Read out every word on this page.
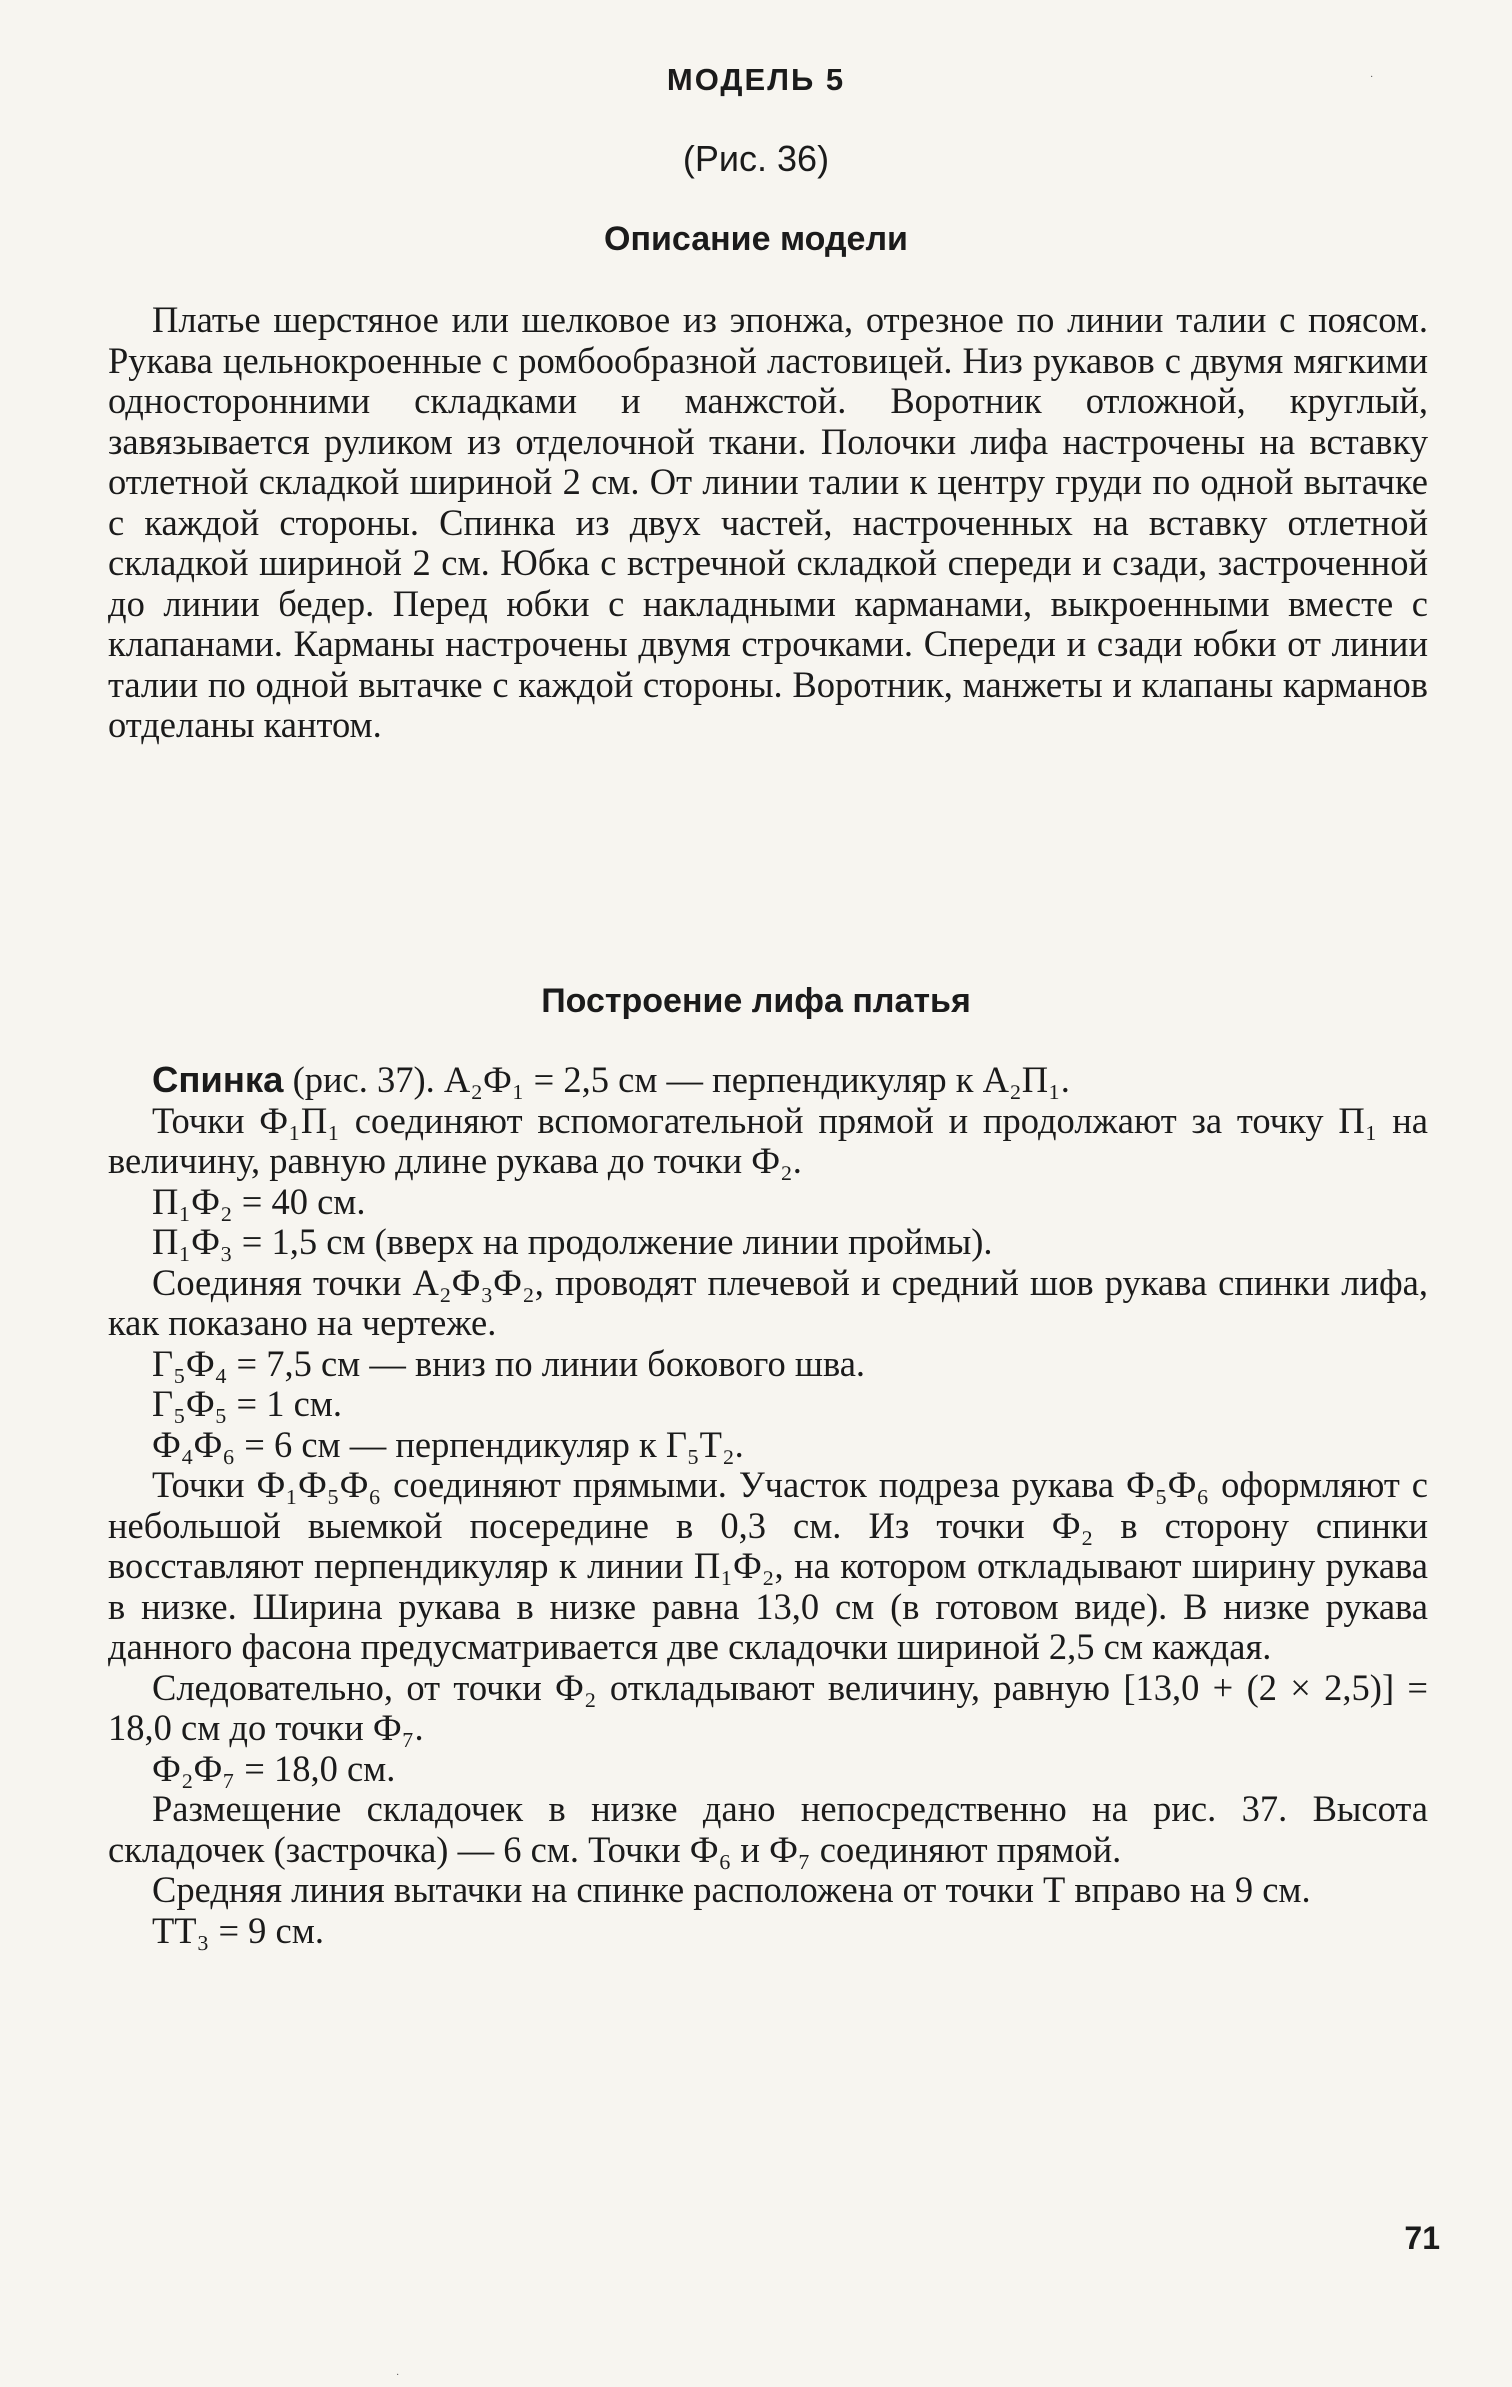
МОДЕЛЬ 5
(Рис. 36)
Описание модели

Платье шерстяное или шелковое из эпонжа, отрезное по линии талии с поясом. Рукава цельнокроенные с ромбообразной ластовицей. Низ рукавов с двумя мягкими односторонними складками и манжстой. Воротник отложной, круглый, завязывается руликом из отделочной ткани. Полочки лифа настрочены на вставку отлетной складкой шириной 2 см. От линии талии к центру груди по одной вытачке с каждой стороны. Спинка из двух частей, настроченных на вставку отлетной складкой шириной 2 см. Юбка с встречной складкой спереди и сзади, застроченной до линии бедер. Перед юбки с накладными карманами, выкроенными вместе с клапанами. Карманы настрочены двумя строчками. Спереди и сзади юбки от линии талии по одной вытачке с каждой стороны. Воротник, манжеты и клапаны карманов отделаны кантом.

Построение лифа платья

Спинка (рис. 37). А₂Ф₁ = 2,5 см — перпендикуляр к А₂П₁.

Точки Ф₁П₁ соединяют вспомогательной прямой и продолжают за точку П₁ на величину, равную длине рукава до точки Ф₂.

П₁Ф₂ = 40 см.

П₁Ф₃ = 1,5 см (вверх на продолжение линии проймы).

Соединяя точки А₂Ф₃Ф₂, проводят плечевой и средний шов рукава спинки лифа, как показано на чертеже.

Г₅Ф₄ = 7,5 см — вниз по линии бокового шва.

Г₅Ф₅ = 1 см.

Ф₄Ф₆ = 6 см — перпендикуляр к Г₅Т₂.

Точки Ф₁Ф₅Ф₆ соединяют прямыми. Участок подреза рукава Ф₅Ф₆ оформляют с небольшой выемкой посередине в 0,3 см. Из точки Ф₂ в сторону спинки восставляют перпендикуляр к линии П₁Ф₂, на котором откладывают ширину рукава в низке. Ширина рукава в низке равна 13,0 см (в готовом виде). В низке рукава данного фасона предусматривается две складочки шириной 2,5 см каждая.

Следовательно, от точки Ф₂ откладывают величину, равную [13,0 + (2 × 2,5)] = 18,0 см до точки Ф₇.

Ф₂Ф₇ = 18,0 см.

Размещение складочек в низке дано непосредственно на рис. 37. Высота складочек (застрочка) — 6 см. Точки Ф₆ и Ф₇ соединяют прямой.

Средняя линия вытачки на спинке расположена от точки Т вправо на 9 см.

ТТ₃ = 9 см.

71
·
·
